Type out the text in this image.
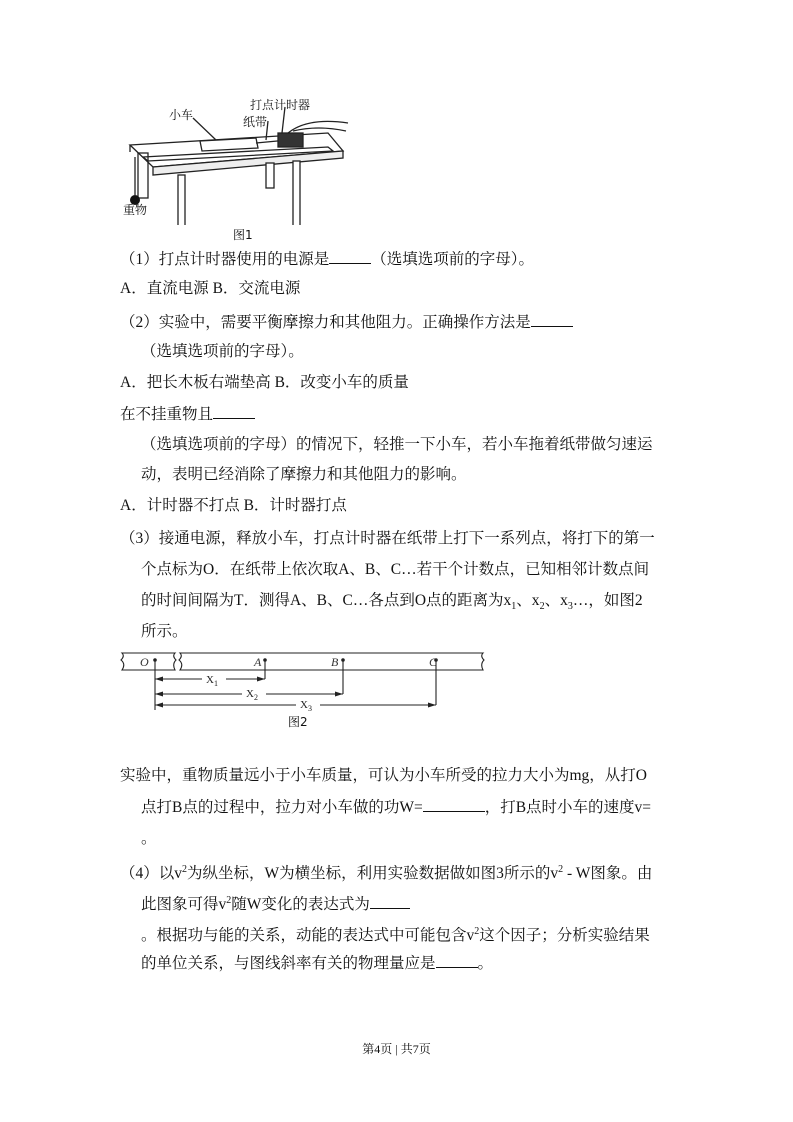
小车
打点计时器
纸带
重物
图1
（1）打点计时器使用的电源是	（选填选项前的字母）。
A．直流电源 B．交流电源
（2）实验中，需要平衡摩擦力和其他阻力。正确操作方法是
（选填选项前的字母）。
A．把长木板右端垫高 B．改变小车的质量
在不挂重物且
（选填选项前的字母）的情况下，轻推一下小车，若小车拖着纸带做匀速运
动，表明已经消除了摩擦力和其他阻力的影响。
A．计时器不打点 B．计时器打点
（3）接通电源，释放小车，打点计时器在纸带上打下一系列点，将打下的第一
个点标为O．在纸带上依次取A、B、C…若干个计数点，已知相邻计数点间
的时间间隔为T．测得A、B、C…各点到O点的距离为$x_1$、$x_2$、$x_3\dots$，如图2
所示。
O	A	B	C
$X_1$
$X_2$
$X_3$
图2
实验中，重物质量远小于小车质量，可认为小车所受的拉力大小为mg，从打O
点打B点的过程中，拉力对小车做的功W=	，打B点时小车的速度v=
。
（4）以$v^2$为纵坐标，W为横坐标，利用实验数据做如图3所示的$v^2$ - W图象。由
此图象可得$v^2$随W变化的表达式为
。根据功与能的关系，动能的表达式中可能包含$v^2$这个因子；分析实验结果
的单位关系，与图线斜率有关的物理量应是	。
第4页 | 共7页
